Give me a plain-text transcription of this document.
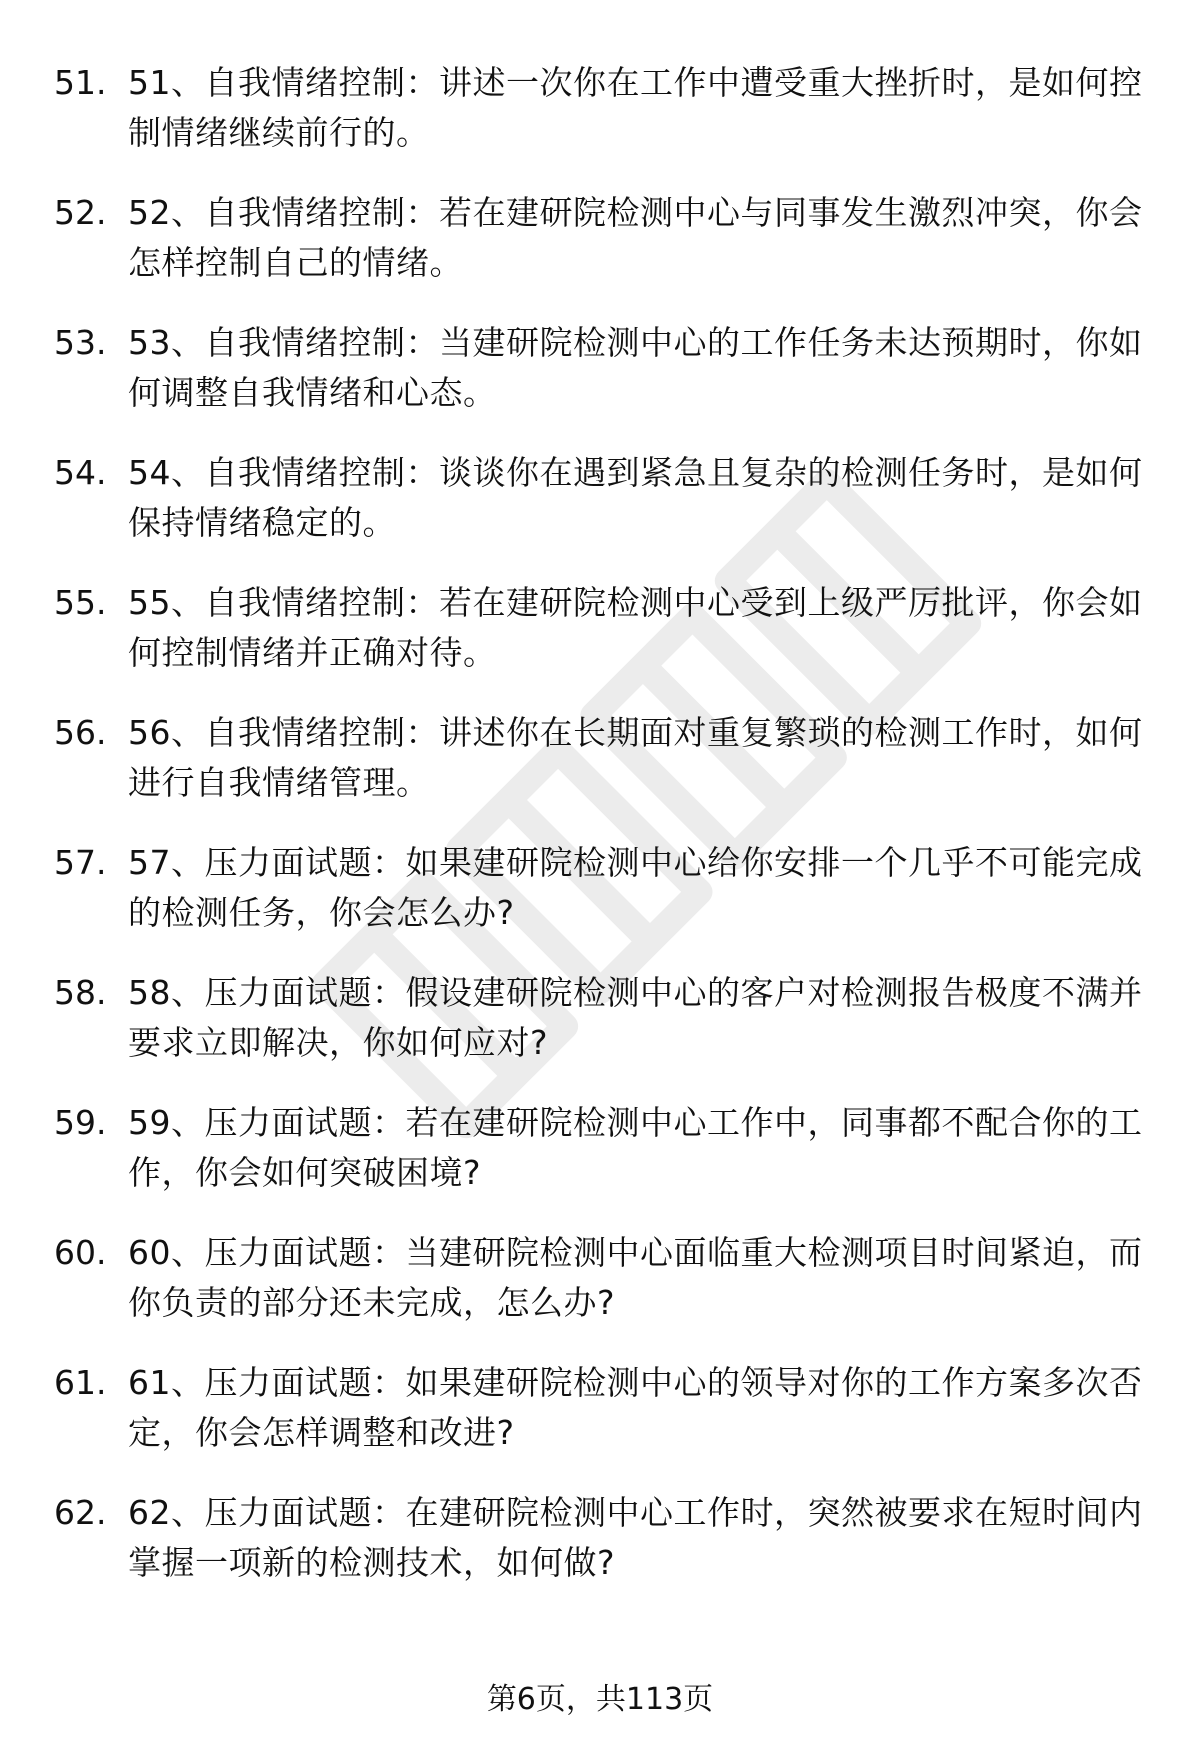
51. 51、自我情绪控制：讲述一次你在工作中遭受重大挫折时，是如何控制情绪继续前行的。
52. 52、自我情绪控制：若在建研院检测中心与同事发生激烈冲突，你会怎样控制自己的情绪。
53. 53、自我情绪控制：当建研院检测中心的工作任务未达预期时，你如何调整自我情绪和心态。
54. 54、自我情绪控制：谈谈你在遇到紧急且复杂的检测任务时，是如何保持情绪稳定的。
55. 55、自我情绪控制：若在建研院检测中心受到上级严厉批评，你会如何控制情绪并正确对待。
56. 56、自我情绪控制：讲述你在长期面对重复繁琐的检测工作时，如何进行自我情绪管理。
57. 57、压力面试题：如果建研院检测中心给你安排一个几乎不可能完成的检测任务，你会怎么办?
58. 58、压力面试题：假设建研院检测中心的客户对检测报告极度不满并要求立即解决，你如何应对?
59. 59、压力面试题：若在建研院检测中心工作中，同事都不配合你的工作，你会如何突破困境?
60. 60、压力面试题：当建研院检测中心面临重大检测项目时间紧迫，而你负责的部分还未完成，怎么办?
61. 61、压力面试题：如果建研院检测中心的领导对你的工作方案多次否定，你会怎样调整和改进?
62. 62、压力面试题：在建研院检测中心工作时，突然被要求在短时间内掌握一项新的检测技术，如何做?
第6页，共113页
